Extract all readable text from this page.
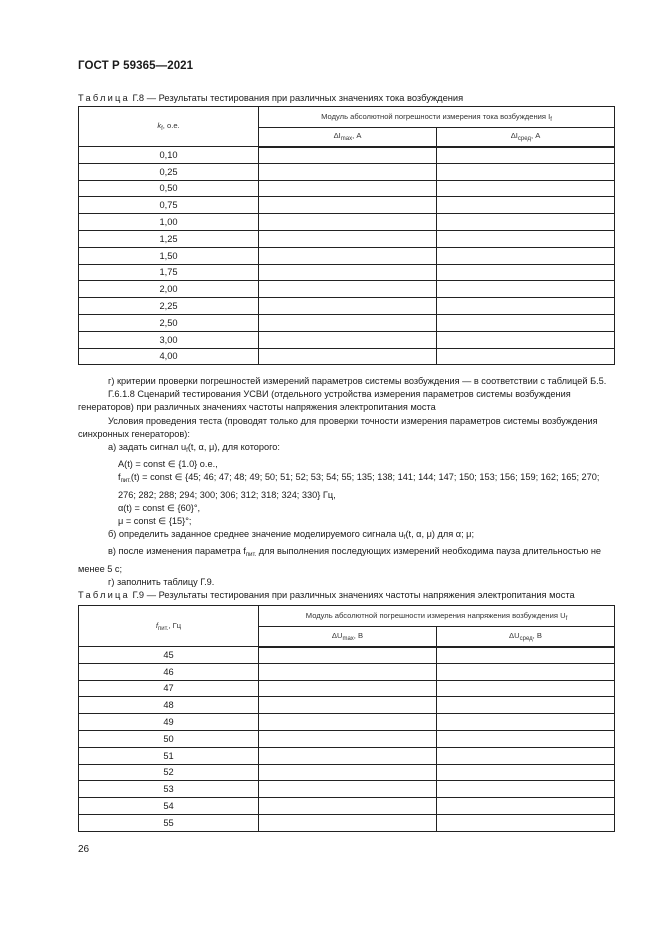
ГОСТ Р 59365—2021
Таблица Г.8 — Результаты тестирования при различных значениях тока возбуждения
$k_f$, о.е.	Модуль абсолютной погрешности измерения тока возбуждения $I_f$
	$\Delta I_{max}$, А	$\Delta I_{сред}$, А
0,10		
0,25		
0,50		
0,75		
1,00		
1,25		
1,50		
1,75		
2,00		
2,25		
2,50		
3,00		
4,00		

г) критерии проверки погрешностей измерений параметров системы возбуждения — в соответствии с таблицей Б.5.

Г.6.1.8 Сценарий тестирования УСВИ (отдельного устройства измерения параметров системы возбуждения генераторов) при различных значениях частоты напряжения электропитания моста

Условия проведения теста (проводят только для проверки точности измерения параметров системы возбуждения синхронных генераторов):

а) задать сигнал $u_f(t$, α, μ), для которого:

A(t) = const ∈ {1.0} о.е.,

$f_{пит.}(t)$ = const ∈ {45; 46; 47; 48; 49; 50; 51; 52; 53; 54; 55; 135; 138; 141; 144; 147; 150; 153; 156; 159; 162; 165; 270; 276; 282; 288; 294; 300; 306; 312; 318; 324; 330} Гц,

α(t) = const ∈ {60}°,

μ = const ∈ {15}°;

б) определить заданное среднее значение моделируемого сигнала $u_f(t$, α, μ) для α; μ;

в) после изменения параметра $f_{пит.}$ для выполнения последующих измерений необходима пауза длительностью не менее 5 с;

г) заполнить таблицу Г.9.

Таблица Г.9 — Результаты тестирования при различных значениях частоты напряжения электропитания моста
$f_{пит.}$, Гц	Модуль абсолютной погрешности измерения напряжения возбуждения $U_f$
	$\Delta U_{max}$, В	$\Delta U_{сред}$, В
45		
46		
47		
48		
49		
50		
51		
52		
53		
54		
55		
26
